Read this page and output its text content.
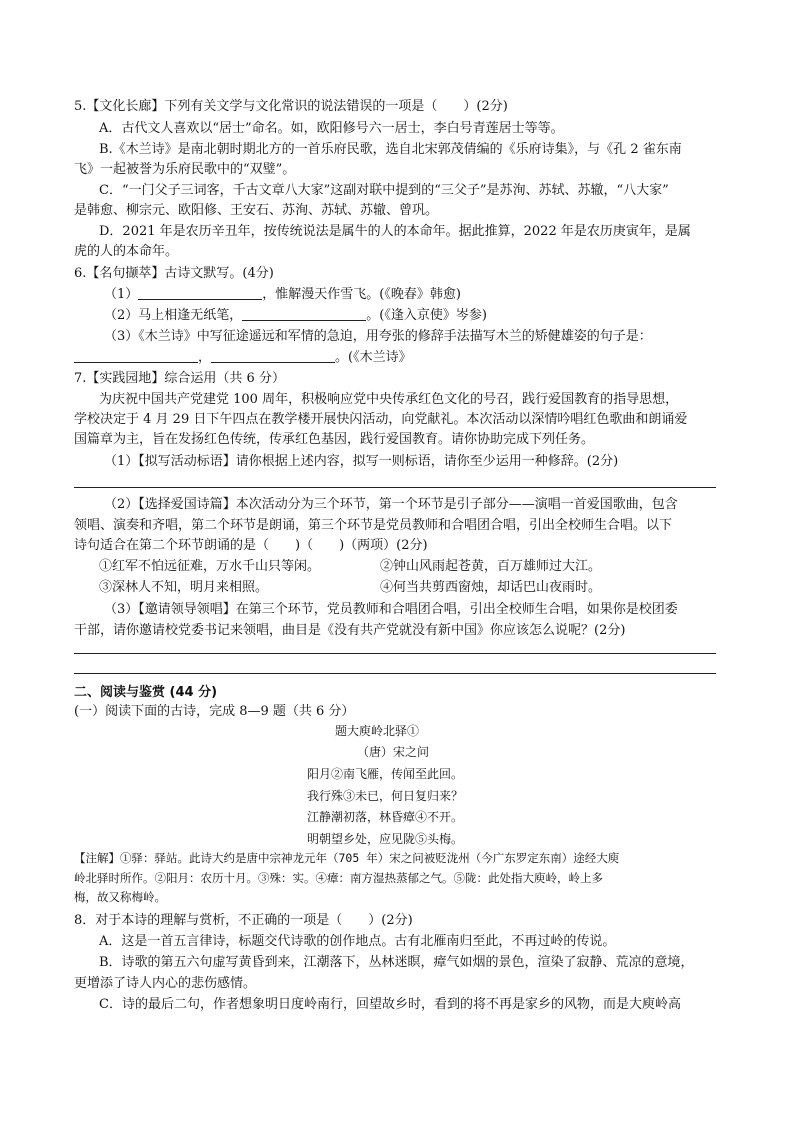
5.【文化长廊】下列有关文学与文化常识的说法错误的一项是（　　）(2分)
A．古代文人喜欢以“居士”命名。如，欧阳修号六一居士，李白号青莲居士等等。
B.《木兰诗》是南北朝时期北方的一首乐府民歌，选自北宋郭茂倩编的《乐府诗集》，与《孔 2 雀东南
飞》一起被誉为乐府民歌中的“双璧”。
C．“一门父子三词客，千古文章八大家”这副对联中提到的“三父子”是苏洵、苏轼、苏辙，“八大家”
是韩愈、柳宗元、欧阳修、王安石、苏洵、苏轼、苏辙、曾巩。
D．2021 年是农历辛丑年，按传统说法是属牛的人的本命年。据此推算，2022 年是农历庚寅年，是属
虎的人的本命年。
6.【名句撷萃】古诗文默写。(4分)
（1）	，惟解漫天作雪飞。(《晚春》韩愈)
（2）马上相逢无纸笔，	。(《逢入京使》岑参)
（3）《木兰诗》中写征途遥远和军情的急迫，用夸张的修辞手法描写木兰的矫健雄姿的句子是：
，	。(《木兰诗》
7.【实践园地】综合运用（共 6 分）
为庆祝中国共产党建党 100 周年，积极响应党中央传承红色文化的号召，践行爱国教育的指导思想，
学校决定于 4 月 29 日下午四点在教学楼开展快闪活动，向党献礼。本次活动以深情吟唱红色歌曲和朗诵爱
国篇章为主，旨在发扬红色传统，传承红色基因，践行爱国教育。请你协助完成下列任务。
（1）【拟写活动标语】请你根据上述内容，拟写一则标语，请你至少运用一种修辞。(2分)
（2）【选择爱国诗篇】本次活动分为三个环节，第一个环节是引子部分——演唱一首爱国歌曲，包含
领唱、演奏和齐唱，第二个环节是朗诵，第三个环节是党员教师和合唱团合唱，引出全校师生合唱。以下
诗句适合在第二个环节朗诵的是（　　)（　　)（两项）(2分)
①红军不怕远征难，万水千山只等闲。	②钟山风雨起苍黄，百万雄师过大江。
③深林人不知，明月来相照。	④何当共剪西窗烛，却话巴山夜雨时。
（3）【邀请领导领唱】在第三个环节，党员教师和合唱团合唱，引出全校师生合唱，如果你是校团委
干部，请你邀请校党委书记来领唱，曲目是《没有共产党就没有新中国》你应该怎么说呢？(2分)
二、阅读与鉴赏 (44 分)
(一）阅读下面的古诗，完成 8—9 题（共 6 分）
题大庾岭北驿①
（唐）宋之问
阳月②南飞雁，传闻至此回。
我行殊③未已，何日复归来？
江静潮初落，林昏瘴④不开。
明朝望乡处，应见陇⑤头梅。
【注解】①驿：驿站。此诗大约是唐中宗神龙元年（705 年）宋之问被贬泷州（今广东罗定东南）途经大庾
岭北驿时所作。②阳月：农历十月。③殊：实。④瘴：南方湿热蒸郁之气。⑤陇：此处指大庾岭，岭上多
梅，故又称梅岭。
8．对于本诗的理解与赏析，不正确的一项是（　　）(2分)
A．这是一首五言律诗，标题交代诗歌的创作地点。古有北雁南归至此，不再过岭的传说。
B．诗歌的第五六句虚写黄昏到来，江潮落下，丛林迷瞑，瘴气如烟的景色，渲染了寂静、荒凉的意境，
更增添了诗人内心的悲伤感情。
C．诗的最后二句，作者想象明日度岭南行，回望故乡时，看到的将不再是家乡的风物，而是大庾岭高
